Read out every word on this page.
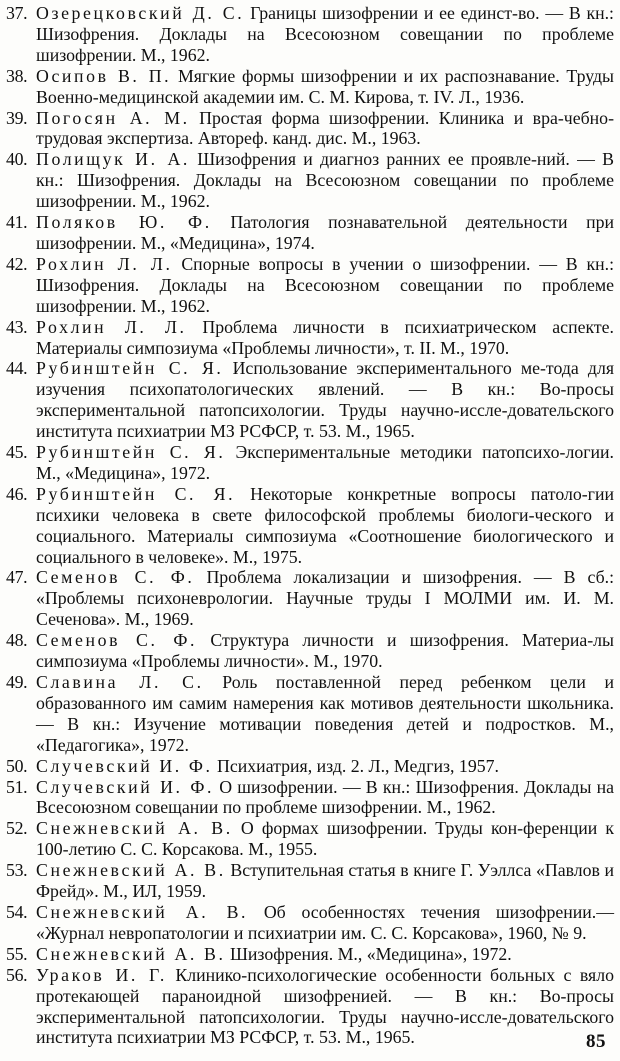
37. Озерецковский Д. С. Границы шизофрении и ее единст-во. — В кн.: Шизофрения. Доклады на Всесоюзном совещании по проблеме шизофрении. М., 1962.
38. Осипов В. П. Мягкие формы шизофрении и их распознавание. Труды Военно-медицинской академии им. С. М. Кирова, т. IV. Л., 1936.
39. Погосян А. М. Простая форма шизофрении. Клиника и вра-чебно-трудовая экспертиза. Автореф. канд. дис. М., 1963.
40. Полищук И. А. Шизофрения и диагноз ранних ее проявле-ний. — В кн.: Шизофрения. Доклады на Всесоюзном совещании по проблеме шизофрении. М., 1962.
41. Поляков Ю. Ф. Патология познавательной деятельности при шизофрении. М., «Медицина», 1974.
42. Рохлин Л. Л. Спорные вопросы в учении о шизофрении. — В кн.: Шизофрения. Доклады на Всесоюзном совещании по проблеме шизофрении. М., 1962.
43. Рохлин Л. Л. Проблема личности в психиатрическом аспекте. Материалы симпозиума «Проблемы личности», т. II. М., 1970.
44. Рубинштейн С. Я. Использование экспериментального ме-тода для изучения психопатологических явлений. — В кн.: Во-просы экспериментальной патопсихологии. Труды научно-иссле-довательского института психиатрии МЗ РСФСР, т. 53. М., 1965.
45. Рубинштейн С. Я. Экспериментальные методики патопсихо-логии. М., «Медицина», 1972.
46. Рубинштейн С. Я. Некоторые конкретные вопросы патоло-гии психики человека в свете философской проблемы биологи-ческого и социального. Материалы симпозиума «Соотношение биологического и социального в человеке». М., 1975.
47. Семенов С. Ф. Проблема локализации и шизофрения. — В сб.: «Проблемы психоневрологии. Научные труды I МОЛМИ им. И. М. Сеченова». М., 1969.
48. Семенов С. Ф. Структура личности и шизофрения. Материа-лы симпозиума «Проблемы личности». М., 1970.
49. Славина Л. С. Роль поставленной перед ребенком цели и образованного им самим намерения как мотивов деятельности школьника. — В кн.: Изучение мотивации поведения детей и подростков. М., «Педагогика», 1972.
50. Случевский И. Ф. Психиатрия, изд. 2. Л., Медгиз, 1957.
51. Случевский И. Ф. О шизофрении. — В кн.: Шизофрения. Доклады на Всесоюзном совещании по проблеме шизофрении. М., 1962.
52. Снежневский А. В. О формах шизофрении. Труды кон-ференции к 100-летию С. С. Корсакова. М., 1955.
53. Снежневский А. В. Вступительная статья в книге Г. Уэллса «Павлов и Фрейд». М., ИЛ, 1959.
54. Снежневский А. В. Об особенностях течения шизофрении.— «Журнал невропатологии и психиатрии им. С. С. Корсакова», 1960, № 9.
55. Снежневский А. В. Шизофрения. М., «Медицина», 1972.
56. Ураков И. Г. Клинико-психологические особенности больных с вяло протекающей параноидной шизофренией. — В кн.: Во-просы экспериментальной патопсихологии. Труды научно-иссле-довательского института психиатрии МЗ РСФСР, т. 53. М., 1965.	85
